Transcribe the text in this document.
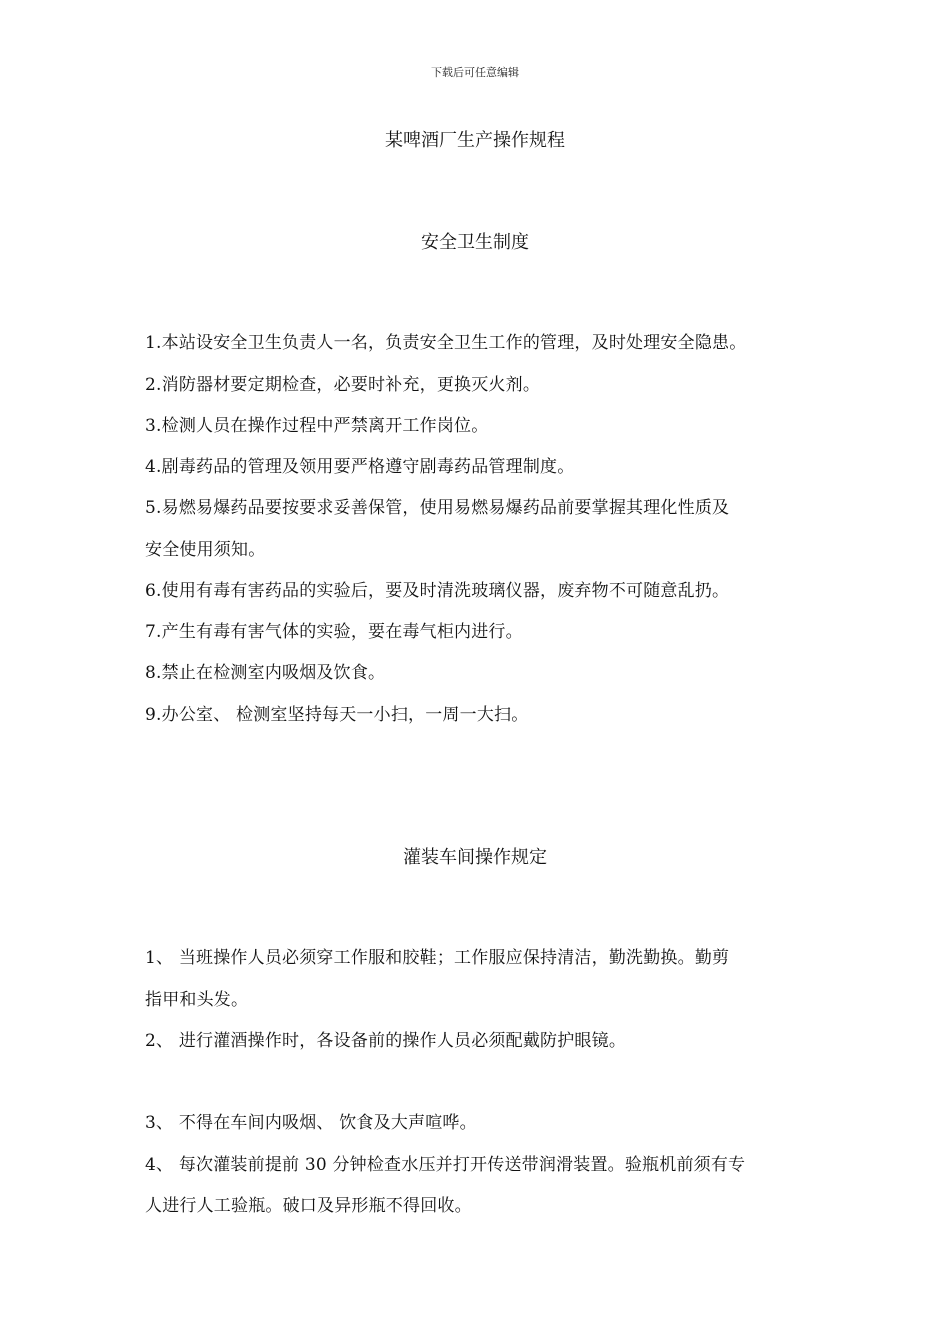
下载后可任意编辑
某啤酒厂生产操作规程
安全卫生制度
1.本站设安全卫生负责人一名，负责安全卫生工作的管理，及时处理安全隐患。
2.消防器材要定期检查，必要时补充，更换灭火剂。
3.检测人员在操作过程中严禁离开工作岗位。
4.剧毒药品的管理及领用要严格遵守剧毒药品管理制度。
5.易燃易爆药品要按要求妥善保管，使用易燃易爆药品前要掌握其理化性质及
安全使用须知。
6.使用有毒有害药品的实验后，要及时清洗玻璃仪器，废弃物不可随意乱扔。
7.产生有毒有害气体的实验，要在毒气柜内进行。
8.禁止在检测室内吸烟及饮食。
9.办公室、 检测室坚持每天一小扫，一周一大扫。
灌装车间操作规定
1、 当班操作人员必须穿工作服和胶鞋；工作服应保持清洁，勤洗勤换。勤剪
指甲和头发。
2、 进行灌酒操作时，各设备前的操作人员必须配戴防护眼镜。
3、 不得在车间内吸烟、 饮食及大声喧哗。
4、 每次灌装前提前 30 分钟检查水压并打开传送带润滑装置。验瓶机前须有专
人进行人工验瓶。破口及异形瓶不得回收。
